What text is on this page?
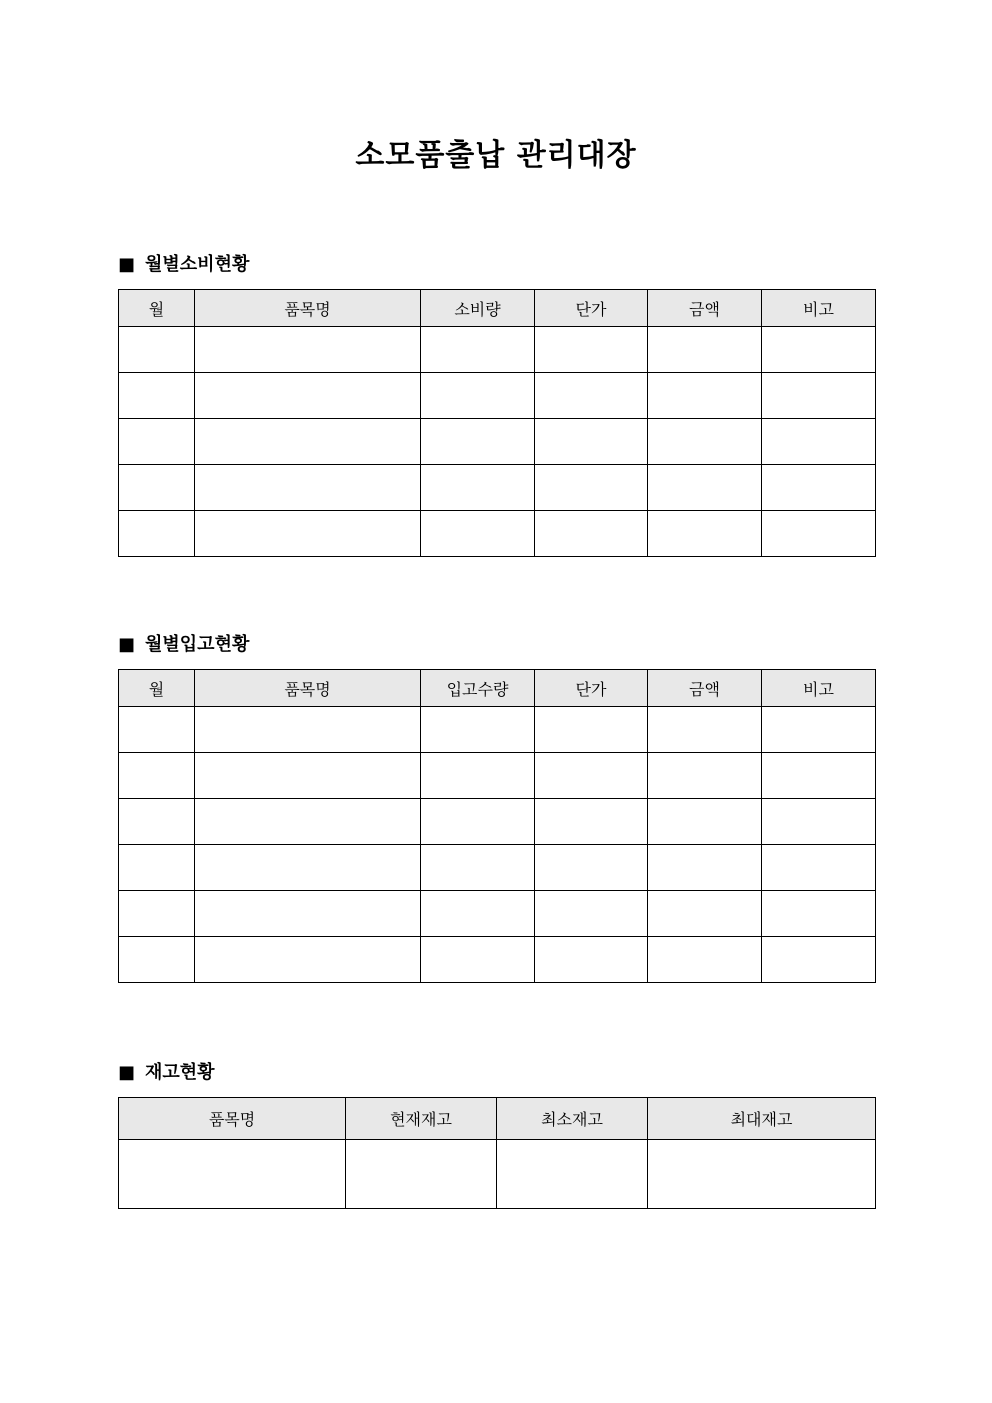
소모품출납 관리대장
■ 월별소비현황
월	품목명	소비량	단가	금액	비고

■ 월별입고현황
월	품목명	입고수량	단가	금액	비고

■ 재고현황
품목명	현재재고	최소재고	최대재고
